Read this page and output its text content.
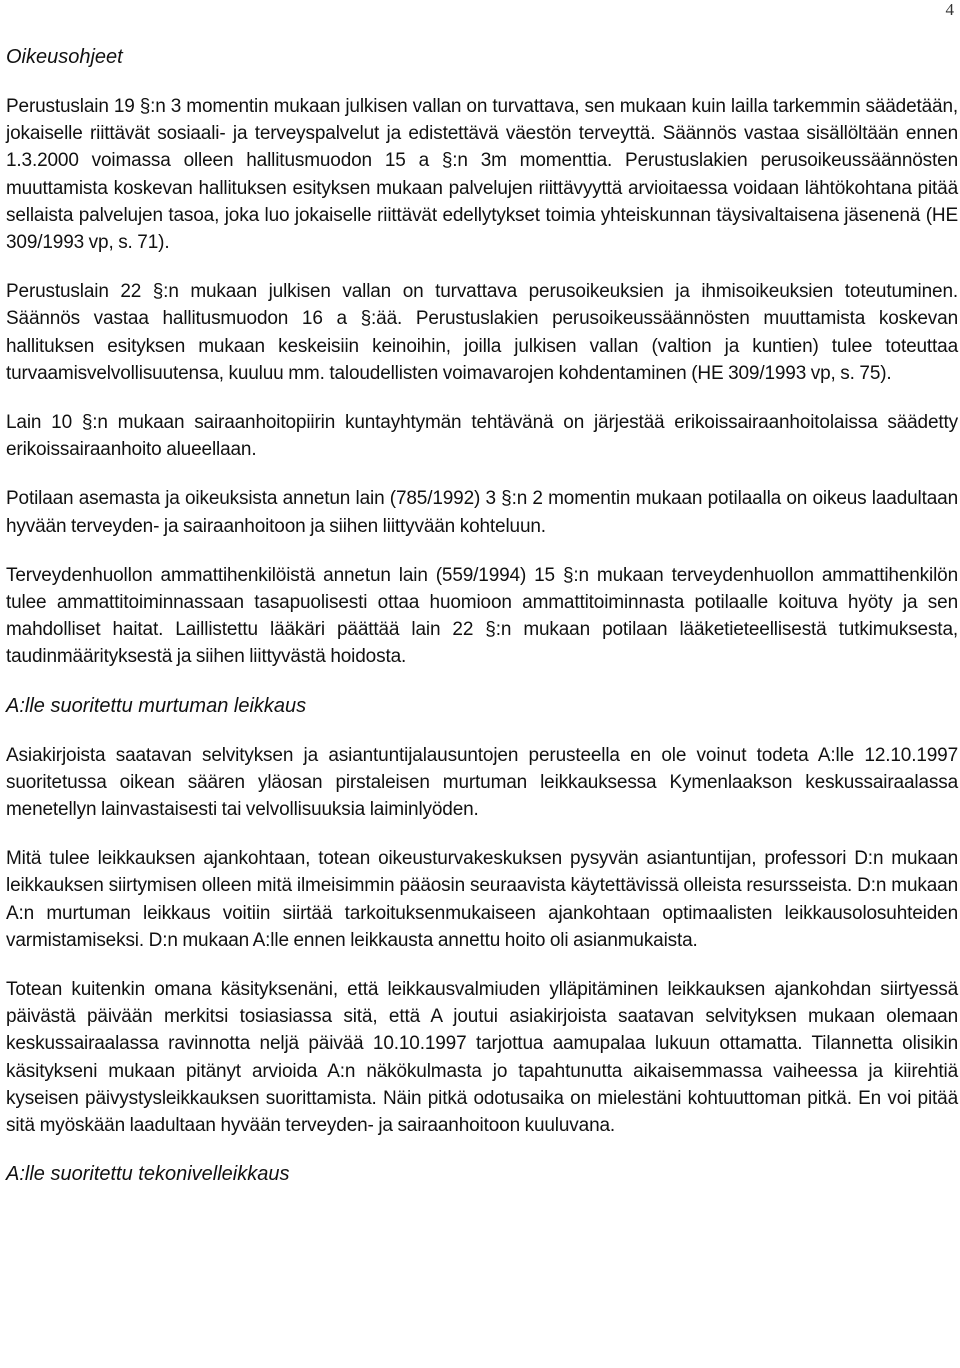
4
Oikeusohjeet

Perustuslain 19 §:n 3 momentin mukaan julkisen vallan on turvattava, sen mukaan kuin lailla tarkemmin säädetään, jokaiselle riittävät sosiaali- ja terveyspalvelut ja edistettävä väestön terveyttä. Säännös vastaa sisällöltään ennen 1.3.2000 voimassa olleen hallitusmuodon 15 a §:n 3m momenttia. Perustuslakien perusoikeussäännösten muuttamista koskevan hallituksen esityksen mukaan palvelujen riittävyyttä arvioitaessa voidaan lähtökohtana pitää sellaista palvelujen tasoa, joka luo jokaiselle riittävät edellytykset toimia yhteiskunnan täysivaltaisena jäsenenä (HE 309/1993 vp, s. 71).

Perustuslain 22 §:n mukaan julkisen vallan on turvattava perusoikeuksien ja ihmisoikeuksien toteutuminen. Säännös vastaa hallitusmuodon 16 a §:ää. Perustuslakien perusoikeussäännösten muuttamista koskevan hallituksen esityksen mukaan keskeisiin keinoihin, joilla julkisen vallan (valtion ja kuntien) tulee toteuttaa turvaamisvelvollisuutensa, kuuluu mm. taloudellisten voimavarojen kohdentaminen (HE 309/1993 vp, s. 75).

Lain 10 §:n mukaan sairaanhoitopiirin kuntayhtymän tehtävänä on järjestää erikoissairaanhoitolaissa säädetty erikoissairaanhoito alueellaan.

Potilaan asemasta ja oikeuksista annetun lain (785/1992) 3 §:n 2 momentin mukaan potilaalla on oikeus laadultaan hyvään terveyden- ja sairaanhoitoon ja siihen liittyvään kohteluun.

Terveydenhuollon ammattihenkilöistä annetun lain (559/1994) 15 §:n mukaan terveydenhuollon ammattihenkilön tulee ammattitoiminnassaan tasapuolisesti ottaa huomioon ammattitoiminnasta potilaalle koituva hyöty ja sen mahdolliset haitat. Laillistettu lääkäri päättää lain 22 §:n mukaan potilaan lääketieteellisestä tutkimuksesta, taudinmäärityksestä ja siihen liittyvästä hoidosta.

A:lle suoritettu murtuman leikkaus

Asiakirjoista saatavan selvityksen ja asiantuntijalausuntojen perusteella en ole voinut todeta A:lle 12.10.1997 suoritetussa oikean säären yläosan pirstaleisen murtuman leikkauksessa Kymenlaakson keskussairaalassa menetellyn lainvastaisesti tai velvollisuuksia laiminlyöden.

Mitä tulee leikkauksen ajankohtaan, totean oikeusturvakeskuksen pysyvän asiantuntijan, professori D:n mukaan leikkauksen siirtymisen olleen mitä ilmeisimmin pääosin seuraavista käytettävissä olleista resursseista. D:n mukaan A:n murtuman leikkaus voitiin siirtää tarkoituksenmukaiseen ajankohtaan optimaalisten leikkausolosuhteiden varmistamiseksi. D:n mukaan A:lle ennen leikkausta annettu hoito oli asianmukaista.

Totean kuitenkin omana käsityksenäni, että leikkausvalmiuden ylläpitäminen leikkauksen ajankohdan siirtyessä päivästä päivään merkitsi tosiasiassa sitä, että A joutui asiakirjoista saatavan selvityksen mukaan olemaan keskussairaalassa ravinnotta neljä päivää 10.10.1997 tarjottua aamupalaa lukuun ottamatta. Tilannetta olisikin käsitykseni mukaan pitänyt arvioida A:n näkökulmasta jo tapahtunutta aikaisemmassa vaiheessa ja kiirehtiä kyseisen päivystysleikkauksen suorittamista. Näin pitkä odotusaika on mielestäni kohtuuttoman pitkä. En voi pitää sitä myöskään laadultaan hyvään terveyden- ja sairaanhoitoon kuuluvana.

A:lle suoritettu tekonivelleikkaus
